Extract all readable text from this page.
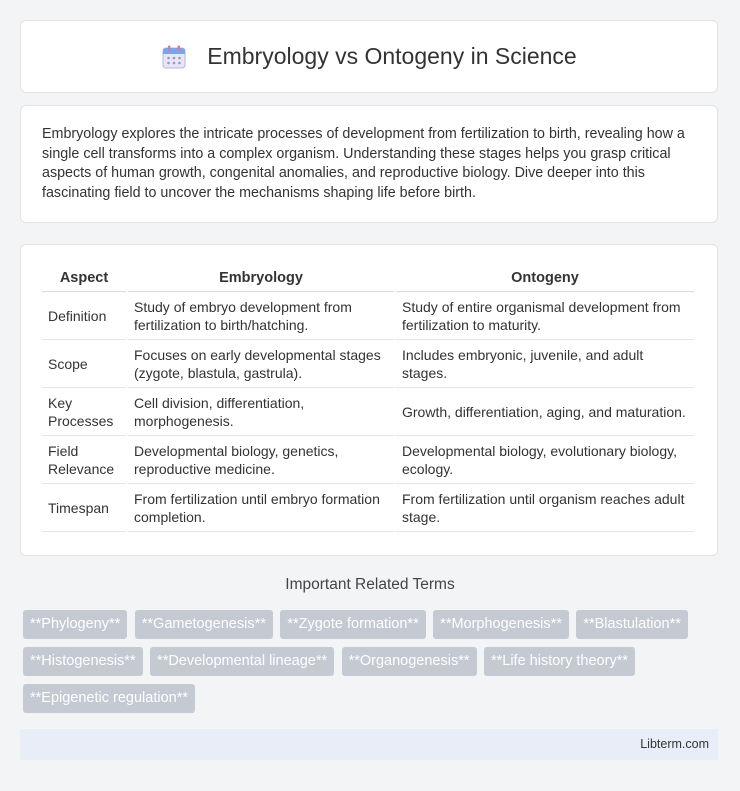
Embryology vs Ontogeny in Science

Embryology explores the intricate processes of development from fertilization to birth, revealing how a single cell transforms into a complex organism. Understanding these stages helps you grasp critical aspects of human growth, congenital anomalies, and reproductive biology. Dive deeper into this fascinating field to uncover the mechanisms shaping life before birth.

Aspect	Embryology	Ontogeny
Definition	Study of embryo development from fertilization to birth/hatching.	Study of entire organismal development from fertilization to maturity.
Scope	Focuses on early developmental stages (zygote, blastula, gastrula).	Includes embryonic, juvenile, and adult stages.
Key Processes	Cell division, differentiation, morphogenesis.	Growth, differentiation, aging, and maturation.
Field Relevance	Developmental biology, genetics, reproductive medicine.	Developmental biology, evolutionary biology, ecology.
Timespan	From fertilization until embryo formation completion.	From fertilization until organism reaches adult stage.
Important Related Terms
**Phylogeny** **Gametogenesis** **Zygote formation** **Morphogenesis** **Blastulation** **Histogenesis** **Developmental lineage** **Organogenesis** **Life history theory** **Epigenetic regulation**
Libterm.com
